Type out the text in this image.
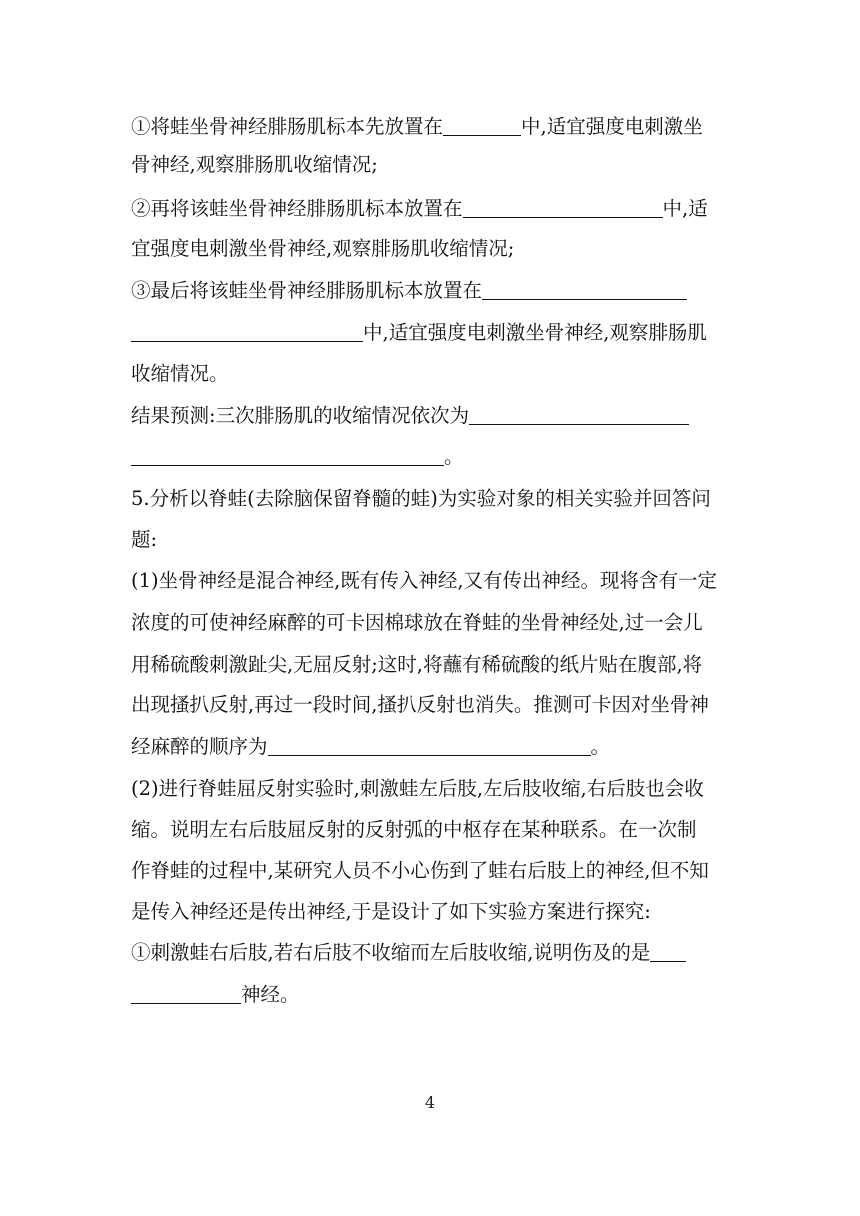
①将蛙坐骨神经腓肠肌标本先放置在	中,适宜强度电刺激坐
骨神经,观察腓肠肌收缩情况;
②再将该蛙坐骨神经腓肠肌标本放置在	中,适
宜强度电刺激坐骨神经,观察腓肠肌收缩情况;
③最后将该蛙坐骨神经腓肠肌标本放置在
中,适宜强度电刺激坐骨神经,观察腓肠肌
收缩情况。
结果预测:三次腓肠肌的收缩情况依次为
。
5.分析以脊蛙(去除脑保留脊髓的蛙)为实验对象的相关实验并回答问
题:
(1)坐骨神经是混合神经,既有传入神经,又有传出神经。现将含有一定
浓度的可使神经麻醉的可卡因棉球放在脊蛙的坐骨神经处,过一会儿
用稀硫酸刺激趾尖,无屈反射;这时,将蘸有稀硫酸的纸片贴在腹部,将
出现搔扒反射,再过一段时间,搔扒反射也消失。推测可卡因对坐骨神
经麻醉的顺序为	。
(2)进行脊蛙屈反射实验时,刺激蛙左后肢,左后肢收缩,右后肢也会收
缩。说明左右后肢屈反射的反射弧的中枢存在某种联系。在一次制
作脊蛙的过程中,某研究人员不小心伤到了蛙右后肢上的神经,但不知
是传入神经还是传出神经,于是设计了如下实验方案进行探究:
①刺激蛙右后肢,若右后肢不收缩而左后肢收缩,说明伤及的是
神经。
4
